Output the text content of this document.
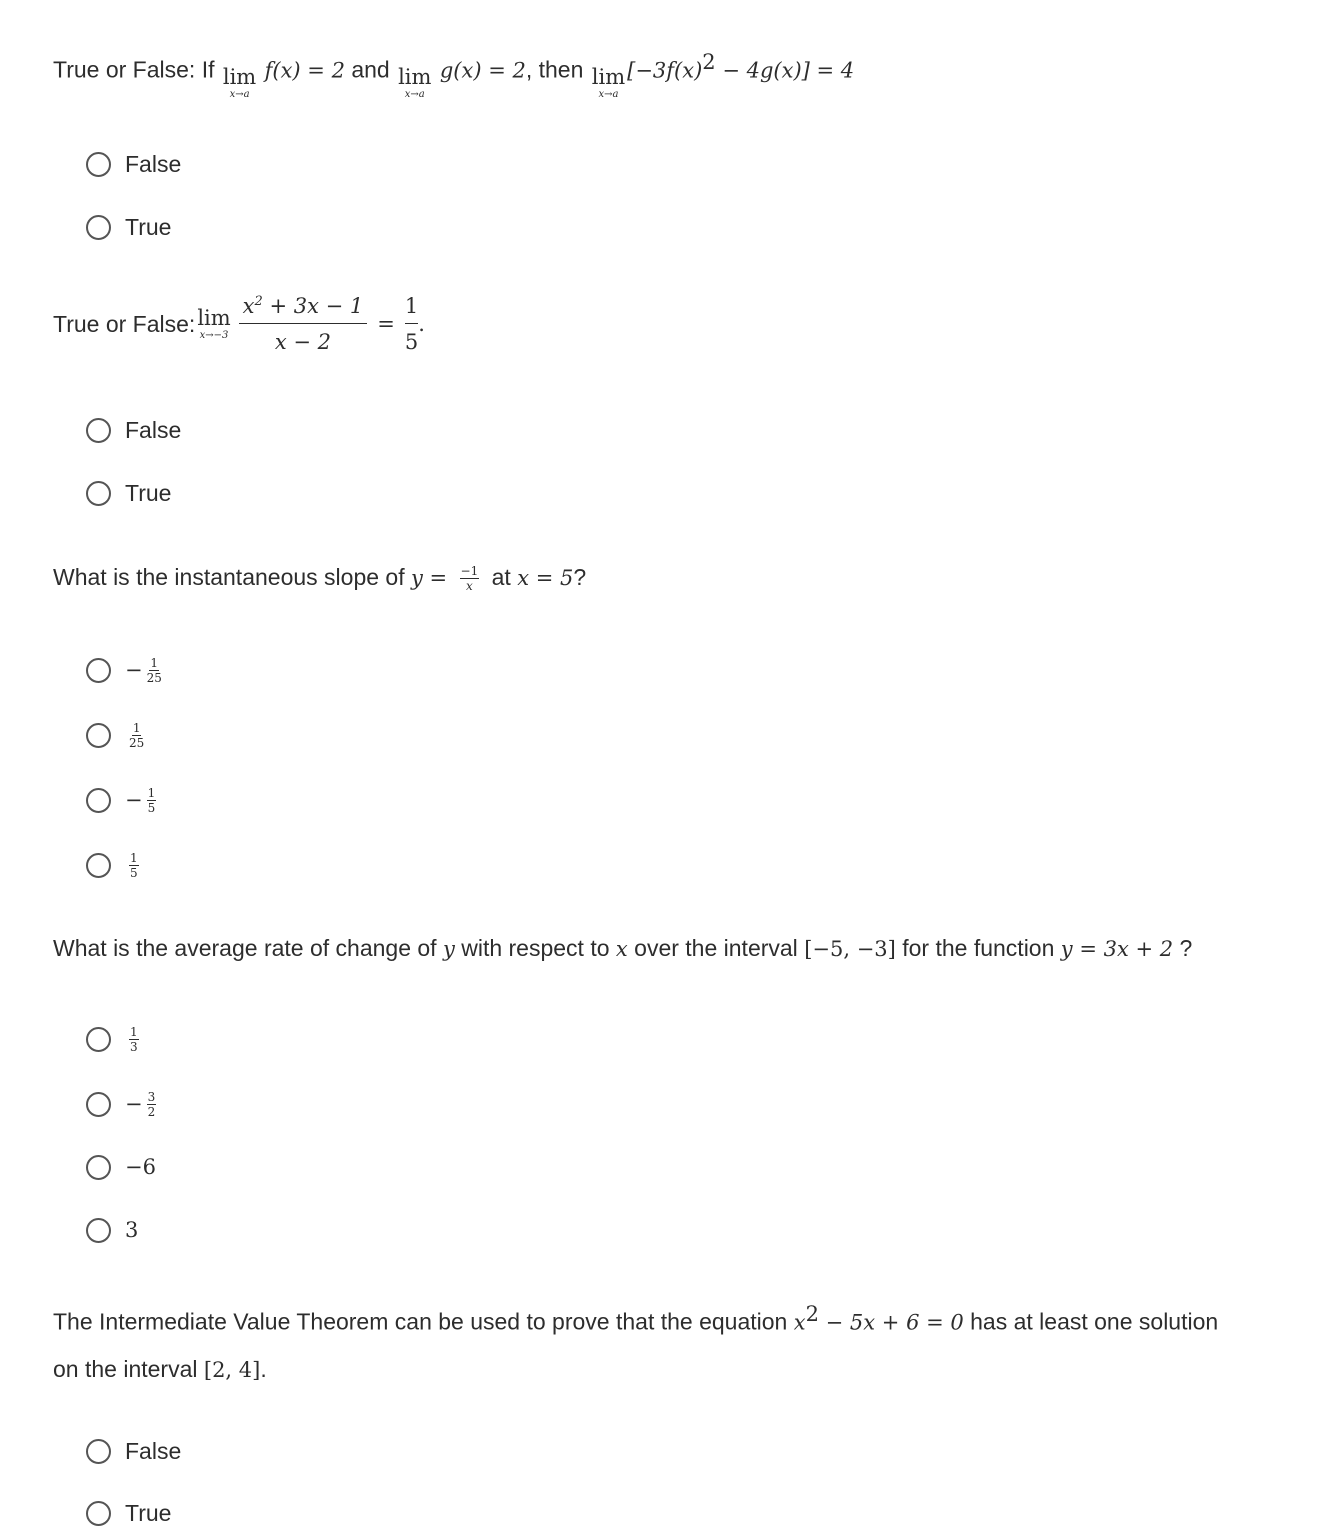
True or False: If lim
x→a
f(x) = 2 and lim
x→a
g(x) = 2, then lim
x→a
$[-3f(x)^2 - 4g(x)] = 4$
False
True
True or False: lim
$x\to-3 \frac{x^2 + 3x - 1}{x - 2} = \frac{1}{5}$ .
False
True
What is the instantaneous slope of $y = \frac{-1}{x}$ at x = 5?
− $\frac{1}{25}$
$\frac{1}{25}$
− $\frac{1}{5}$
$\frac{1}{5}$
What is the average rate of change of y with respect to x over the interval [−5, −3] for the function y = 3x + 2 ?
$\frac{1}{3}$
− $\frac{3}{2}$
−6
3
The Intermediate Value Theorem can be used to prove that the equation $x^2 - 5x + 6 = 0$ has at least one solution
on the interval [2, 4].
False
True
